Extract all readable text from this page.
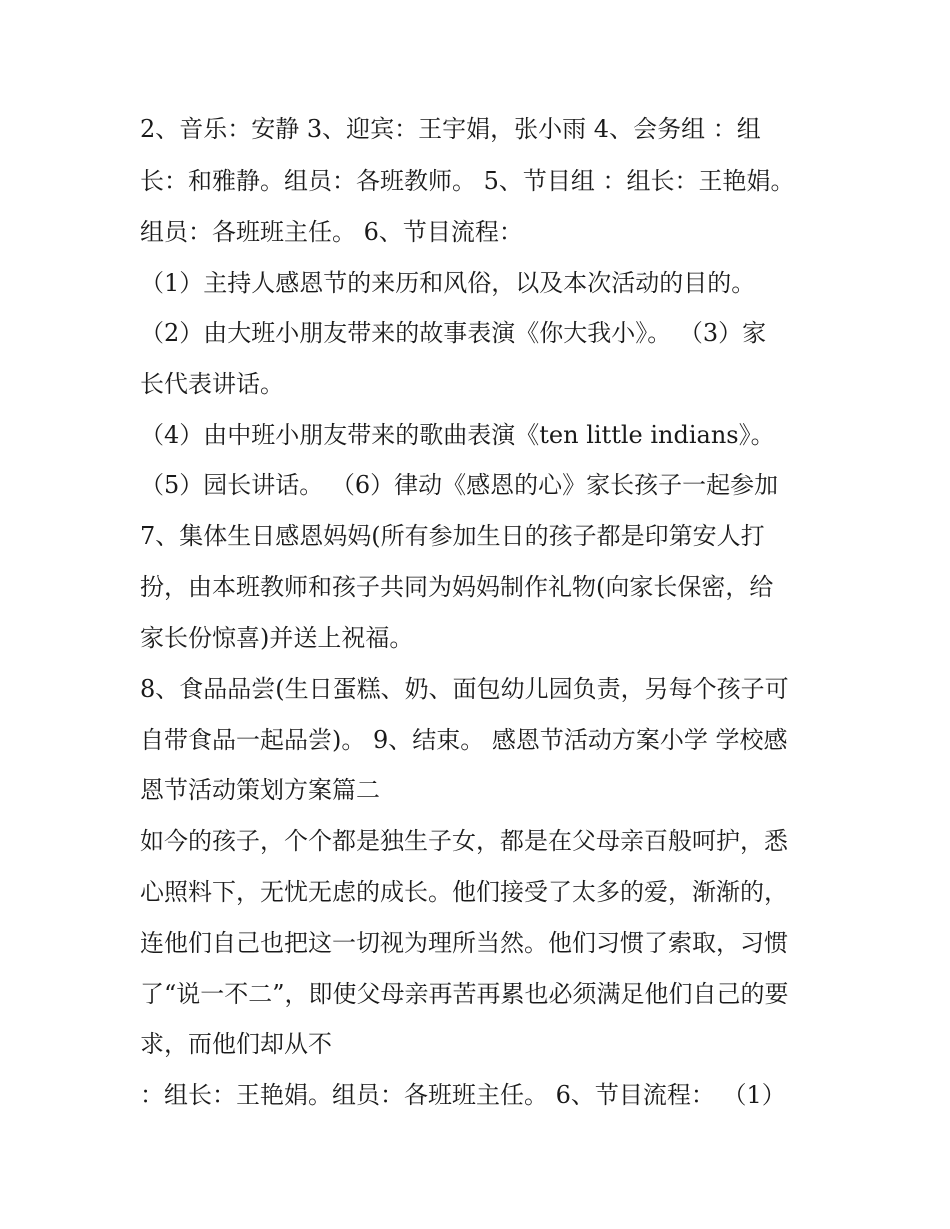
2、音乐：安静 3、迎宾：王宇娟，张小雨 4、会务组 ：组
长：和雅静。组员：各班教师。 5、节目组 ：组长：王艳娟。
组员：各班班主任。 6、节目流程：
（1）主持人感恩节的来历和风俗，以及本次活动的目的。
（2）由大班小朋友带来的故事表演《你大我小》。 （3）家
长代表讲话。
（4）由中班小朋友带来的歌曲表演《ten little indians》。
（5）园长讲话。 （6）律动《感恩的心》家长孩子一起参加
7、集体生日感恩妈妈(所有参加生日的孩子都是印第安人打
扮，由本班教师和孩子共同为妈妈制作礼物(向家长保密，给
家长份惊喜)并送上祝福。
8、食品品尝(生日蛋糕、奶、面包幼儿园负责，另每个孩子可
自带食品一起品尝)。 9、结束。 感恩节活动方案小学 学校感
恩节活动策划方案篇二
如今的孩子，个个都是独生子女，都是在父母亲百般呵护，悉
心照料下，无忧无虑的成长。他们接受了太多的爱，渐渐的，
连他们自己也把这一切视为理所当然。他们习惯了索取，习惯
了“说一不二”，即使父母亲再苦再累也必须满足他们自己的要
求，而他们却从不
：组长：王艳娟。组员：各班班主任。 6、节目流程： （1）
